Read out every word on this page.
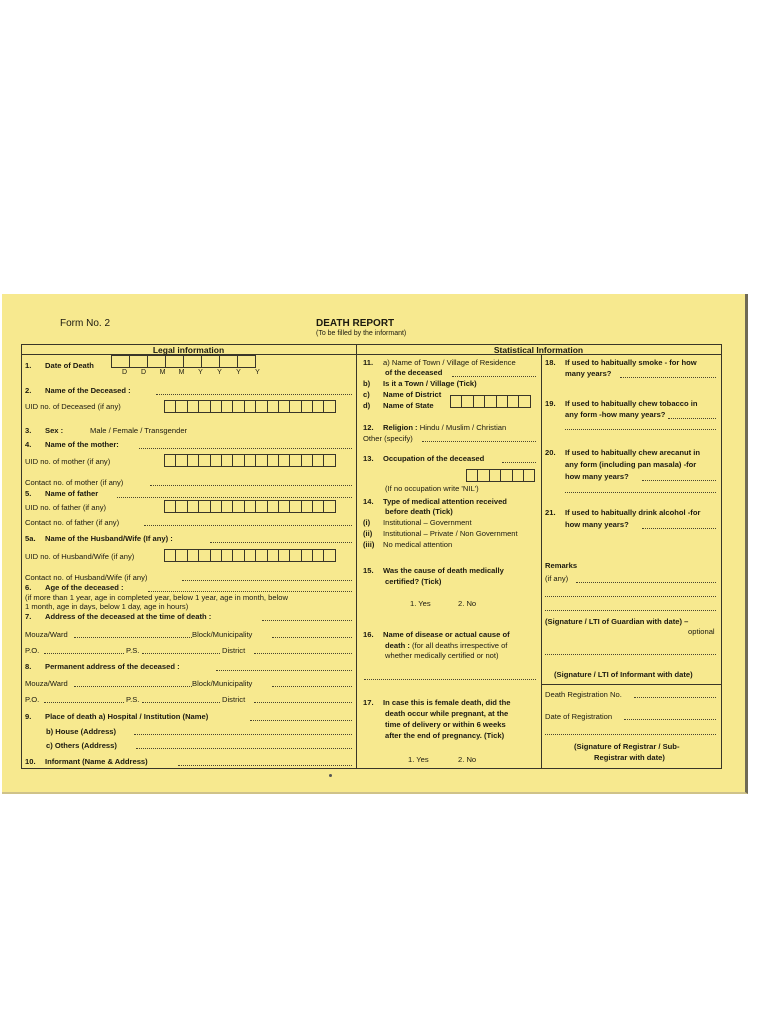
Form No. 2	DEATH REPORT
(To be filled by the informant)
Legal information	Statistical Information
1. Date of Death
D	D	M	M	Y	Y	Y	Y
2. Name of the Deceased :
UID no. of Deceased (if any)
3. Sex :	Male / Female / Transgender
4. Name of the mother:
UID no. of mother (if any)
Contact no. of mother (if any)
5. Name of father
UID no. of father (if any)
Contact no. of father (if any)
5a. Name of the Husband/Wife (If any) :
UID no. of Husband/Wife (if any)
Contact no. of Husband/Wife (if any)
6. Age of the deceased :
(if more than 1 year, age in completed year, below 1 year, age in month, below
1 month, age in days, below 1 day, age in hours)
7. Address of the deceased at the time of death :
Mouza/Ward	Block/Municipality
P.O.	P.S.	District
8. Permanent address of the deceased :
Mouza/Ward	Block/Municipality
P.O.	P.S.	District
9. Place of death a) Hospital / Institution (Name)
b) House (Address)
c) Others (Address)
10. Informant (Name & Address)
11. a) Name of Town / Village of Residence
of the deceased
b) Is it a Town / Village (Tick)
c) Name of District
d) Name of State
12. Religion : Hindu / Muslim / Christian
Other (specify)
13. Occupation of the deceased
(If no occupation write 'NIL')
14. Type of medical attention received
before death (Tick)
(i) Institutional – Government
(ii) Institutional – Private / Non Government
(iii) No medical attention
15. Was the cause of death medically
certified? (Tick)
1. Yes	2. No
16. Name of disease or actual cause of
death : (for all deaths irrespective of
whether medically certified or not)
17. In case this is female death, did the
death occur while pregnant, at the
time of delivery or within 6 weeks
after the end of pregnancy. (Tick)
1. Yes	2. No
18. If used to habitually smoke - for how
many years?
19. If used to habitually chew tobacco in
any form -how many years?
20. If used to habitually chew arecanut in
any form (including pan masala) -for
how many years?
21. If used to habitually drink alcohol -for
how many years?
Remarks
(if any)
(Signature / LTI of Guardian with date) –
optional
(Signature / LTI of Informant with date)
Death Registration No.
Date of Registration
(Signature of Registrar / Sub-
Registrar with date)
